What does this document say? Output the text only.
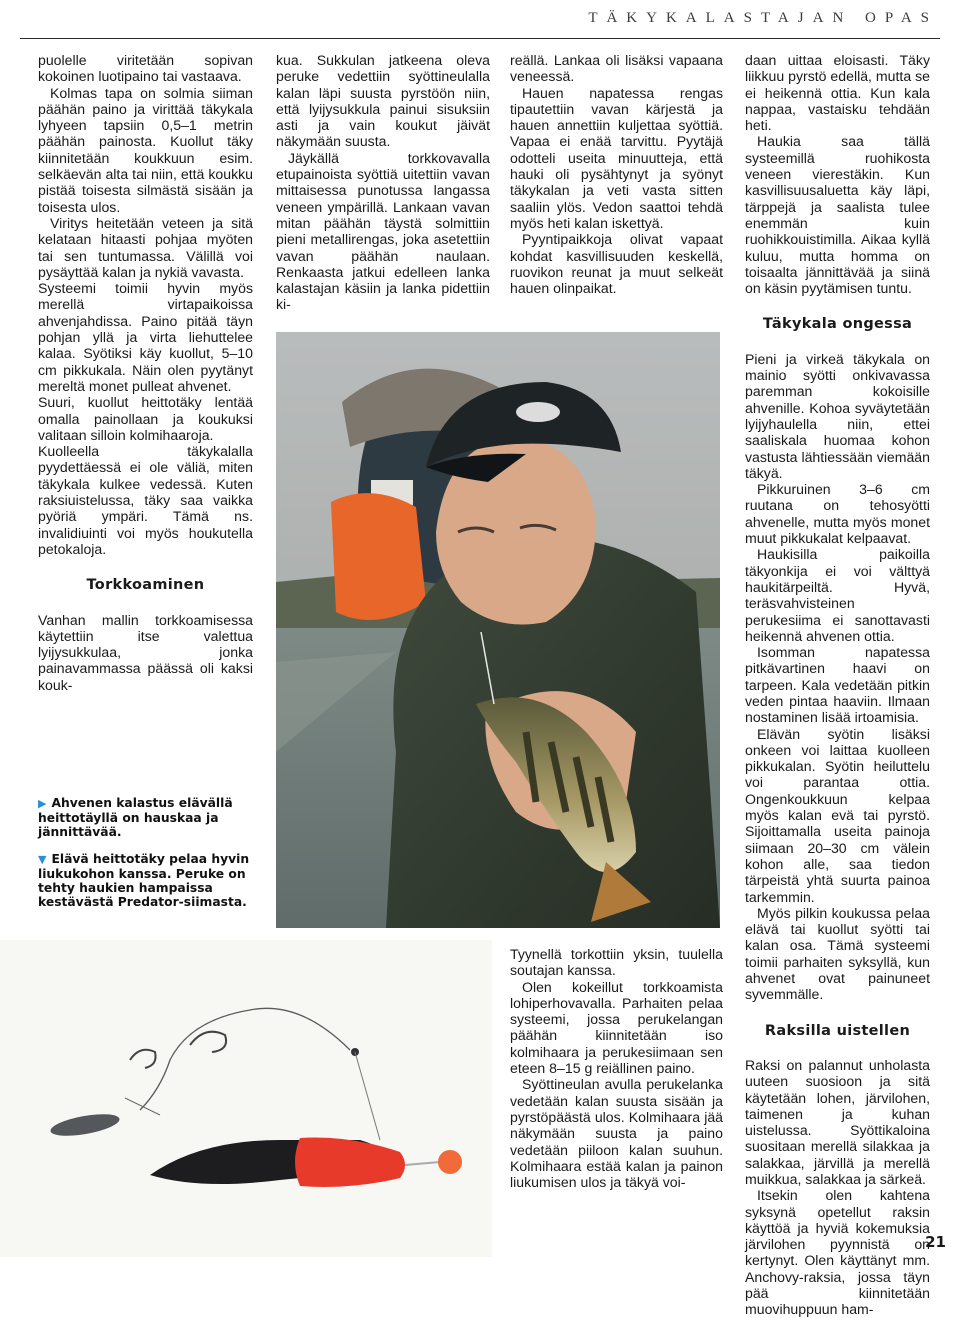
TÄKYKALASTAJAN OPAS

puolelle viritetään sopivan kokoinen luotipaino tai vastaava.

Kolmas tapa on solmia siiman päähän paino ja virittää täkykala lyhyeen tapsiin 0,5–1 metrin päähän painosta. Kuollut täky kiinnitetään koukkuun esim. selkäevän alta tai niin, että koukku pistää toisesta silmästä sisään ja toisesta ulos.

Viritys heitetään veteen ja sitä kelataan hitaasti pohjaa myöten tai sen tuntumassa. Välillä voi pysäyttää kalan ja nykiä vavasta.

Systeemi toimii hyvin myös merellä virtapaikoissa ahvenjahdissa. Paino pitää täyn pohjan yllä ja virta liehuttelee kalaa. Syötiksi käy kuollut, 5–10 cm pikkukala. Näin olen pyytänyt mereltä monet pulleat ahvenet.

Suuri, kuollut heittotäky lentää omalla painollaan ja koukuksi valitaan silloin kolmihaaroja.

Kuolleella täkykalalla pyydettäessä ei ole väliä, miten täkykala kulkee vedessä. Kuten raksiuistelussa, täky saa vaikka pyöriä ympäri. Tämä ns. invalidiuinti voi myös houkutella petokaloja.

Torkkoaminen

Vanhan mallin torkkoamisessa käytettiin itse valettua lyijysukkulaa, jonka painavammassa päässä oli kaksi kouk-

▶ Ahvenen kalastus elävällä heittotäyllä on hauskaa ja jännittävää.
▼ Elävä heittotäky pelaa hyvin liukukohon kanssa. Peruke on tehty haukien hampaissa kestävästä Predator-siimasta.

kua. Sukkulan jatkeena oleva peruke vedettiin syöttineulalla kalan läpi suusta pyrstöön niin, että lyijysukkula painui sisuksiin asti ja vain koukut jäivät näkymään suusta.

Jäykällä torkkovavalla etupainoista syöttiä uitettiin vavan mittaisessa punotussa langassa veneen ympärillä. Lankaan vavan mitan päähän täystä solmittiin pieni metallirengas, joka asetettiin vavan päähän naulaan. Renkaasta jatkui edelleen lanka kalastajan käsiin ja lanka pidettiin ki-

reällä. Lankaa oli lisäksi vapaana veneessä.

Hauen napatessa rengas tipautettiin vavan kärjestä ja hauen annettiin kuljettaa syöttiä. Vapaa ei enää tarvittu. Pyytäjä odotteli useita minuutteja, että hauki oli pysähtynyt ja syönyt täkykalan ja veti vasta sitten saaliin ylös. Vedon saattoi tehdä myös heti kalan iskettyä.

Pyyntipaikkoja olivat vapaat kohdat kasvillisuuden keskellä, ruovikon reunat ja muut selkeät hauen olinpaikat.

Tyynellä torkottiin yksin, tuulella soutajan kanssa.

Olen kokeillut torkkoamista lohiperhovavalla. Parhaiten pelaa systeemi, jossa perukelangan päähän kiinnitetään iso kolmihaara ja perukesiimaan sen eteen 8–15 g reiällinen paino.

Syöttineulan avulla perukelanka vedetään kalan suusta sisään ja pyrstöpäästä ulos. Kolmihaara jää näkymään suusta ja paino vedetään piiloon kalan suuhun. Kolmihaara estää kalan ja painon liukumisen ulos ja täkyä voi-

daan uittaa eloisasti. Täky liikkuu pyrstö edellä, mutta se ei heikennä ottia. Kun kala nappaa, vastaisku tehdään heti.

Haukia saa tällä systeemillä ruohikosta veneen vierestäkin. Kun kasvillisuusaluetta käy läpi, tärppejä ja saalista tulee enemmän kuin ruohikkouistimilla. Aikaa kyllä kuluu, mutta homma on toisaalta jännittävää ja siinä on käsin pyytämisen tuntu.

Täkykala ongessa

Pieni ja virkeä täkykala on mainio syötti onkivavassa paremman kokoisille ahvenille. Kohoa syväytetään lyijyhaulella niin, ettei saaliskala huomaa kohon vastusta lähtiessään viemään täkyä.

Pikkuruinen 3–6 cm ruutana on tehosyötti ahvenelle, mutta myös monet muut pikkukalat kelpaavat.

Haukisilla paikoilla täkyonkija ei voi välttyä haukitärpeiltä. Hyvä, teräsvahvisteinen perukesiima ei sanottavasti heikennä ahvenen ottia.

Isomman napatessa pitkävartinen haavi on tarpeen. Kala vedetään pitkin veden pintaa haaviin. Ilmaan nostaminen lisää irtoamisia.

Elävän syötin lisäksi onkeen voi laittaa kuolleen pikkukalan. Syötin heiluttelu voi parantaa ottia. Ongenkoukkuun kelpaa myös kalan evä tai pyrstö. Sijoittamalla useita painoja siimaan 20–30 cm välein kohon alle, saa tiedon tärpeistä yhtä suurta painoa tarkemmin.

Myös pilkin koukussa pelaa elävä tai kuollut syötti tai kalan osa. Tämä systeemi toimii parhaiten syksyllä, kun ahvenet ovat painuneet syvemmälle.

Raksilla uistellen

Raksi on palannut unholasta uuteen suosioon ja sitä käytetään lohen, järvilohen, taimenen ja kuhan uistelussa. Syöttikaloina suositaan merellä silakkaa ja salakkaa, järvillä ja merellä muikkua, salakkaa ja särkeä.

Itsekin olen kahtena syksynä opetellut raksin käyttöä ja hyviä kokemuksia järvilohen pyynnistä on kertynyt. Olen käyttänyt mm. Anchovy-raksia, jossa täyn pää kiinnitetään muovihuppuun ham-

21
